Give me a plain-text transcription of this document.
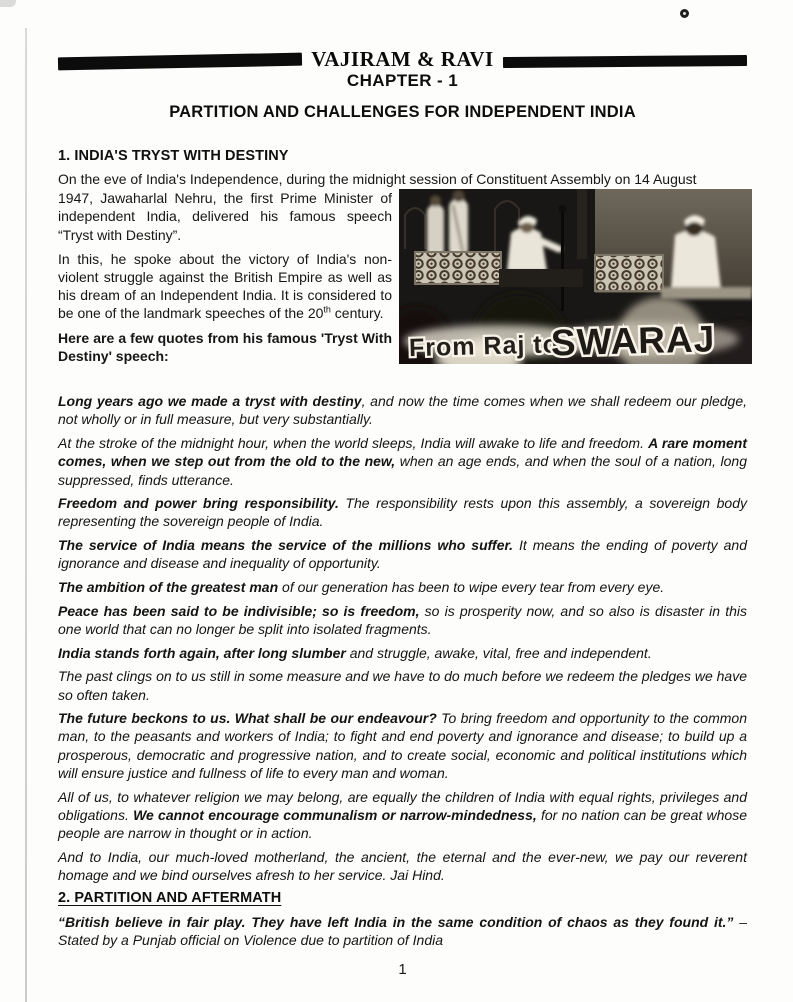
VAJIRAM & RAVI
CHAPTER - 1
PARTITION AND CHALLENGES FOR INDEPENDENT INDIA
1. INDIA'S TRYST WITH DESTINY

On the eve of India's Independence, during the midnight session of Constituent Assembly on 14 August

1947, Jawaharlal Nehru, the first Prime Minister of independent India, delivered his famous speech “Tryst with Destiny”.

In this, he spoke about the victory of India's non-violent struggle against the British Empire as well as his dream of an Independent India. It is considered to be one of the landmark speeches of the 20th century.

Here are a few quotes from his famous 'Tryst With Destiny' speech:	From Raj to
SWARAJ

Long years ago we made a tryst with destiny, and now the time comes when we shall redeem our pledge, not wholly or in full measure, but very substantially.

At the stroke of the midnight hour, when the world sleeps, India will awake to life and freedom. A rare moment comes, when we step out from the old to the new, when an age ends, and when the soul of a nation, long suppressed, finds utterance.

Freedom and power bring responsibility. The responsibility rests upon this assembly, a sovereign body representing the sovereign people of India.

The service of India means the service of the millions who suffer. It means the ending of poverty and ignorance and disease and inequality of opportunity.

The ambition of the greatest man of our generation has been to wipe every tear from every eye.

Peace has been said to be indivisible; so is freedom, so is prosperity now, and so also is disaster in this one world that can no longer be split into isolated fragments.

India stands forth again, after long slumber and struggle, awake, vital, free and independent.

The past clings on to us still in some measure and we have to do much before we redeem the pledges we have so often taken.

The future beckons to us. What shall be our endeavour? To bring freedom and opportunity to the common man, to the peasants and workers of India; to fight and end poverty and ignorance and disease; to build up a prosperous, democratic and progressive nation, and to create social, economic and political institutions which will ensure justice and fullness of life to every man and woman.

All of us, to whatever religion we may belong, are equally the children of India with equal rights, privileges and obligations. We cannot encourage communalism or narrow-mindedness, for no nation can be great whose people are narrow in thought or in action.

And to India, our much-loved motherland, the ancient, the eternal and the ever-new, we pay our reverent homage and we bind ourselves afresh to her service. Jai Hind.

2. PARTITION AND AFTERMATH

“British believe in fair play. They have left India in the same condition of chaos as they found it.” –Stated by a Punjab official on Violence due to partition of India

1
